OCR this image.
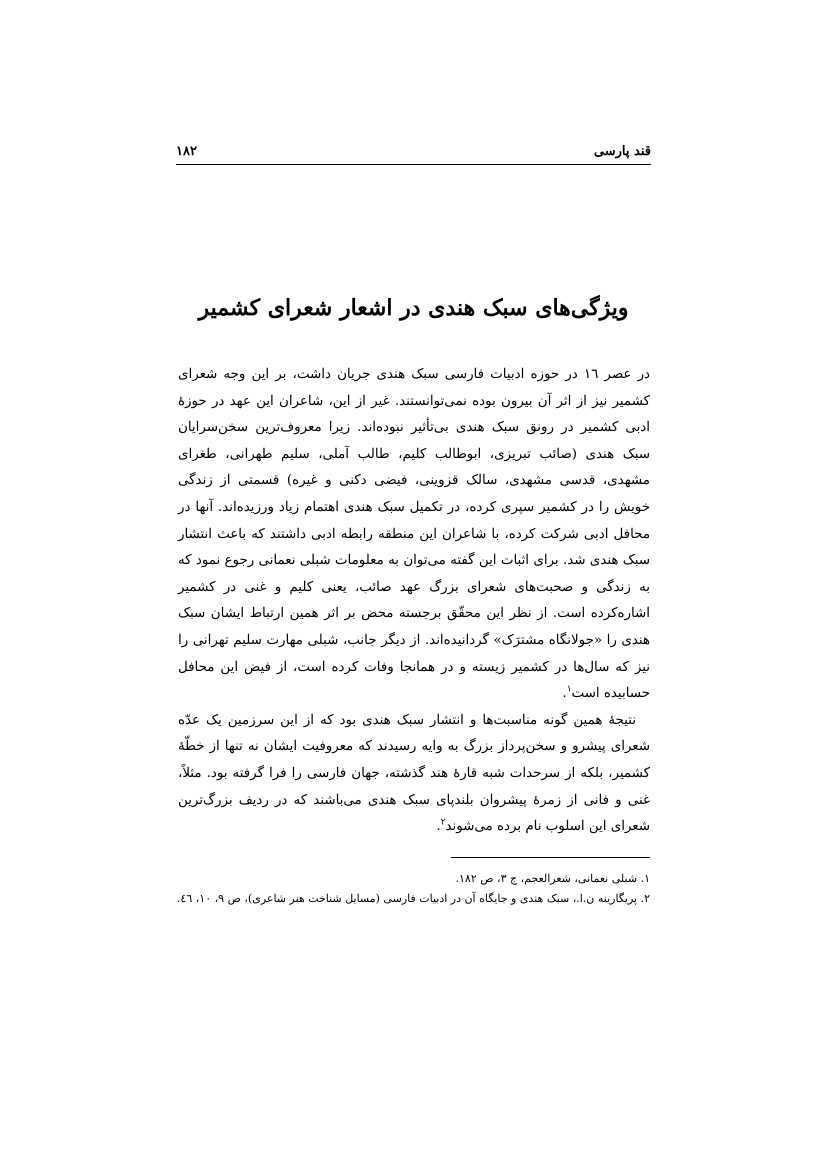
قند پارسی
۱۸۲
ویژگی‌های سبک هندی در اشعار شعرای کشمیر

در عصر ١٦ در حوزه ادبیات فارسی سبک هندی جریان داشت، بر این وجه شعرای کشمیر نیز از اثر آن بیرون بوده نمی‌توانستند. غیر از این، شاعران این عهد در حوزهٔ ادبی کشمیر در رونق سبک هندی بی‌تأثیر نبوده‌اند. زیرا معروف‌ترین سخن‌سرایان سبک هندی (صائب تبریزی، ابوطالب کلیم، طالب آملی، سلیم طهرانی، طغرای مشهدی، قدسی مشهدی، سالک قزوینی، فیضی دکنی و غیره) قسمتی از زندگی خویش را در کشمیر سپری کرده، در تکمیل سبک هندی اهتمام زیاد ورزیده‌اند. آنها در محافل ادبی شرکت کرده، با شاعران این منطقه رابطه ادبی داشتند که باعث انتشار سبک هندی شد. برای اثبات این گفته می‌توان به معلومات شبلی نعمانی رجوع نمود که به زندگی و صحبت‌های شعرای بزرگ عهد صائب، یعنی کلیم و غنی در کشمیر اشاره‌کرده است. از نظر این محقّق برجسته محض بر اثر همین ارتباط ایشان سبک هندی را «جولانگاه مشترَک» گردانیده‌اند. از دیگر جانب، شبلی مهارت سلیم تهرانی را نیز که سال‌ها در کشمیر زیسته و در همانجا وفات کرده است، از فیض این محافل حسابیده است$^١$.

نتیجهٔ همین گونه مناسبت‌ها و انتشار سبک هندی بود که از این سرزمین یک عدّه شعرای پیشرو و سخن‌پرداز بزرگ به وایه رسیدند که معروفیت ایشان نه تنها از خطّهٔ کشمیر، بلکه از سرحدات شبه قارهٔ هند گذشته، جهان فارسی را فرا گرفته بود. مثلاً، غنی و فانی از زمرهٔ پیشروان بلندپای سبک هندی می‌باشند که در ردیف بزرگ‌ترین شعرای این اسلوب نام برده می‌شوند$^٢$.

١. شبلی نعمانی، شعرالعجم، ج ٣، ص ١٨٢.
٢. پریگارینه ن.ا.، سبک هندی و جایگاه آن در ادبیات فارسی (مسایل شناخت هنر شاعری)، ص ٩، ١٠، ٤٦.
